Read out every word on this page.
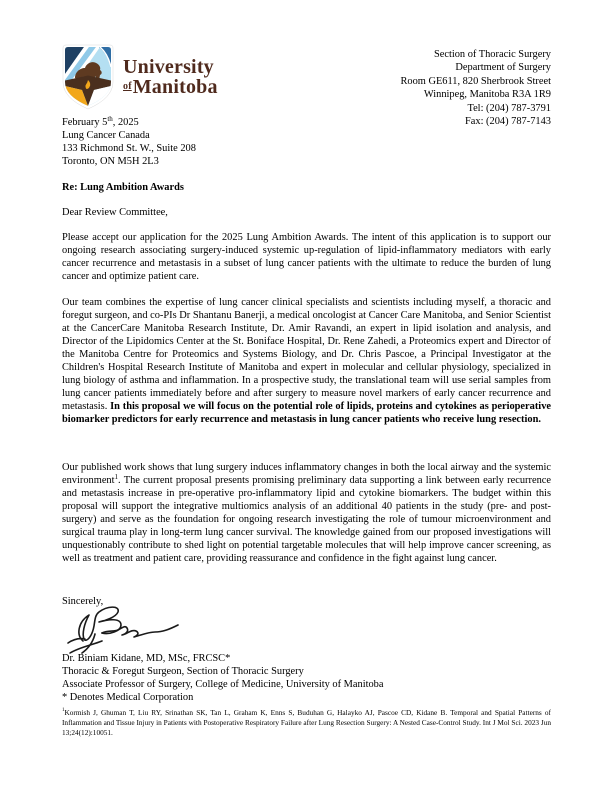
University
$^{of}$Manitoba
Section of Thoracic Surgery
Department of Surgery
Room GE611, 820 Sherbrook Street
Winnipeg, Manitoba R3A 1R9
Tel: (204) 787-3791
Fax: (204) 787-7143
February 5th, 2025
Lung Cancer Canada
133 Richmond St. W., Suite 208
Toronto, ON M5H 2L3
Re: Lung Ambition Awards
Dear Review Committee,
Please accept our application for the 2025 Lung Ambition Awards. The intent of this application is to support our ongoing research associating surgery-induced systemic up-regulation of lipid-inflammatory mediators with early cancer recurrence and metastasis in a subset of lung cancer patients with the ultimate to reduce the burden of lung cancer and optimize patient care.
Our team combines the expertise of lung cancer clinical specialists and scientists including myself, a thoracic and foregut surgeon, and co-PIs Dr Shantanu Banerji, a medical oncologist at Cancer Care Manitoba, and Senior Scientist at the CancerCare Manitoba Research Institute, Dr. Amir Ravandi, an expert in lipid isolation and analysis, and Director of the Lipidomics Center at the St. Boniface Hospital, Dr. Rene Zahedi, a Proteomics expert and Director of the Manitoba Centre for Proteomics and Systems Biology, and Dr. Chris Pascoe, a Principal Investigator at the Children's Hospital Research Institute of Manitoba and expert in molecular and cellular physiology, specialized in lung biology of asthma and inflammation. In a prospective study, the translational team will use serial samples from lung cancer patients immediately before and after surgery to measure novel markers of early cancer recurrence and metastasis. In this proposal we will focus on the potential role of lipids, proteins and cytokines as perioperative biomarker predictors for early recurrence and metastasis in lung cancer patients who receive lung resection.
Our published work shows that lung surgery induces inflammatory changes in both the local airway and the systemic environment$^1$. The current proposal presents promising preliminary data supporting a link between early recurrence and metastasis increase in pre-operative pro-inflammatory lipid and cytokine biomarkers. The budget within this proposal will support the integrative multiomics analysis of an additional 40 patients in the study (pre- and post-surgery) and serve as the foundation for ongoing research investigating the role of tumour microenvironment and surgical trauma play in long-term lung cancer survival. The knowledge gained from our proposed investigations will unquestionably contribute to shed light on potential targetable molecules that will help improve cancer screening, as well as treatment and patient care, providing reassurance and confidence in the fight against lung cancer.
Sincerely,
Dr. Biniam Kidane, MD, MSc, FRCSC*
Thoracic & Foregut Surgeon, Section of Thoracic Surgery
Associate Professor of Surgery, College of Medicine, University of Manitoba
* Denotes Medical Corporation
$^1$Kormish J, Ghuman T, Liu RY, Srinathan SK, Tan L, Graham K, Enns S, Buduhan G, Halayko AJ, Pascoe CD, Kidane B. Temporal and Spatial Patterns of Inflammation and Tissue Injury in Patients with Postoperative Respiratory Failure after Lung Resection Surgery: A Nested Case-Control Study. Int J Mol Sci. 2023 Jun 13;24(12):10051.
